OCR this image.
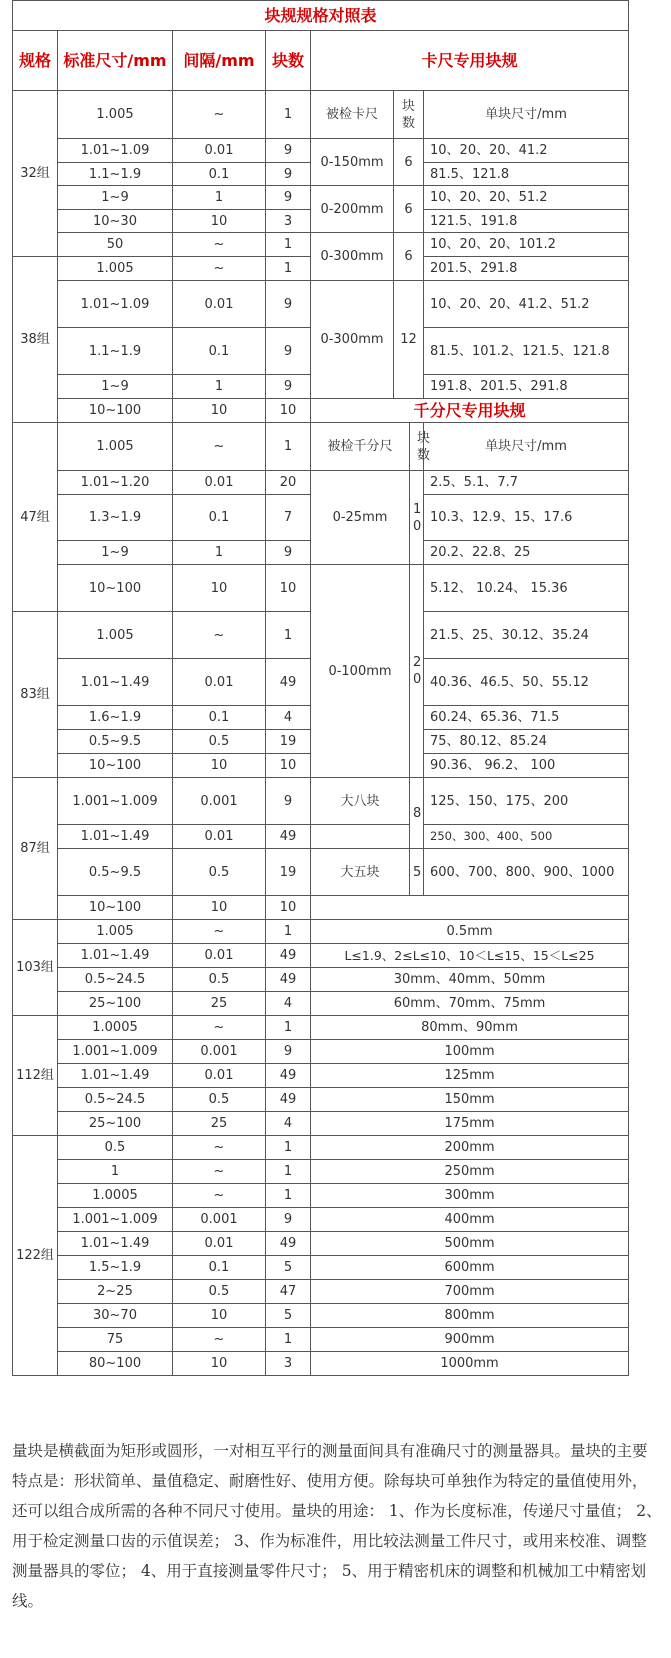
块规规格对照表							
规格	标准尺寸/mm	间隔/mm	块数	卡尺专用块规			
32组	1.005	~	1	被检卡尺	块数		单块尺寸/mm
	1.01~1.09	0.01	9	0-150mm	6		10、20、20、41.2
	1.1~1.9	0.1	9				81.5、121.8
	1~9	1	9	0-200mm	6		10、20、20、51.2
	10~30	10	3				121.5、191.8
	50	~	1	0-300mm	6		10、20、20、101.2
38组	1.005	~	1				201.5、291.8
	1.01~1.09	0.01	9	0-300mm	12		10、20、20、41.2、51.2
	1.1~1.9	0.1	9				81.5、101.2、121.5、121.8
	1~9	1	9				191.8、201.5、291.8
	10~100	10	10	千分尺专用块规			
47组	1.005	~	1	被检千分尺		块数	单块尺寸/mm
	1.01~1.20	0.01	20	0-25mm		10	2.5、5.1、7.7
	1.3~1.9	0.1	7				10.3、12.9、15、17.6
	1~9	1	9				20.2、22.8、25
	10~100	10	10	0-100mm		20	5.12、 10.24、 15.36
83组	1.005	~	1				21.5、25、30.12、35.24
	1.01~1.49	0.01	49				40.36、46.5、50、55.12
	1.6~1.9	0.1	4				60.24、65.36、71.5
	0.5~9.5	0.5	19				75、80.12、85.24
	10~100	10	10				90.36、 96.2、 100
87组	1.001~1.009	0.001	9	大八块		8	125、150、175、200
	1.01~1.49	0.01	49				250、300、400、500
	0.5~9.5	0.5	19	大五块		5	600、700、800、900、1000
	10~100	10	10				
103组	1.005	~	1	0.5mm			
	1.01~1.49	0.01	49	L≤1.9、2≤L≤10、10＜L≤15、15＜L≤25			
	0.5~24.5	0.5	49	30mm、40mm、50mm			
	25~100	25	4	60mm、70mm、75mm			
112组	1.0005	~	1	80mm、90mm			
	1.001~1.009	0.001	9	100mm			
	1.01~1.49	0.01	49	125mm			
	0.5~24.5	0.5	49	150mm			
	25~100	25	4	175mm			
122组	0.5	~	1	200mm			
	1	~	1	250mm			
	1.0005	~	1	300mm			
	1.001~1.009	0.001	9	400mm			
	1.01~1.49	0.01	49	500mm			
	1.5~1.9	0.1	5	600mm			
	2~25	0.5	47	700mm			
	30~70	10	5	800mm			
	75	~	1	900mm			
	80~100	10	3	1000mm			
量块是横截面为矩形或圆形，一对相互平行的测量面间具有准确尺寸的测量器具。量块的主要特点是：形状简单、量值稳定、耐磨性好、使用方便。除每块可单独作为特定的量值使用外，还可以组合成所需的各种不同尺寸使用。量块的用途： 1、作为长度标准，传递尺寸量值； 2、用于检定测量口齿的示值误差； 3、作为标准件，用比较法测量工件尺寸，或用来校准、调整测量器具的零位； 4、用于直接测量零件尺寸； 5、用于精密机床的调整和机械加工中精密划线。
